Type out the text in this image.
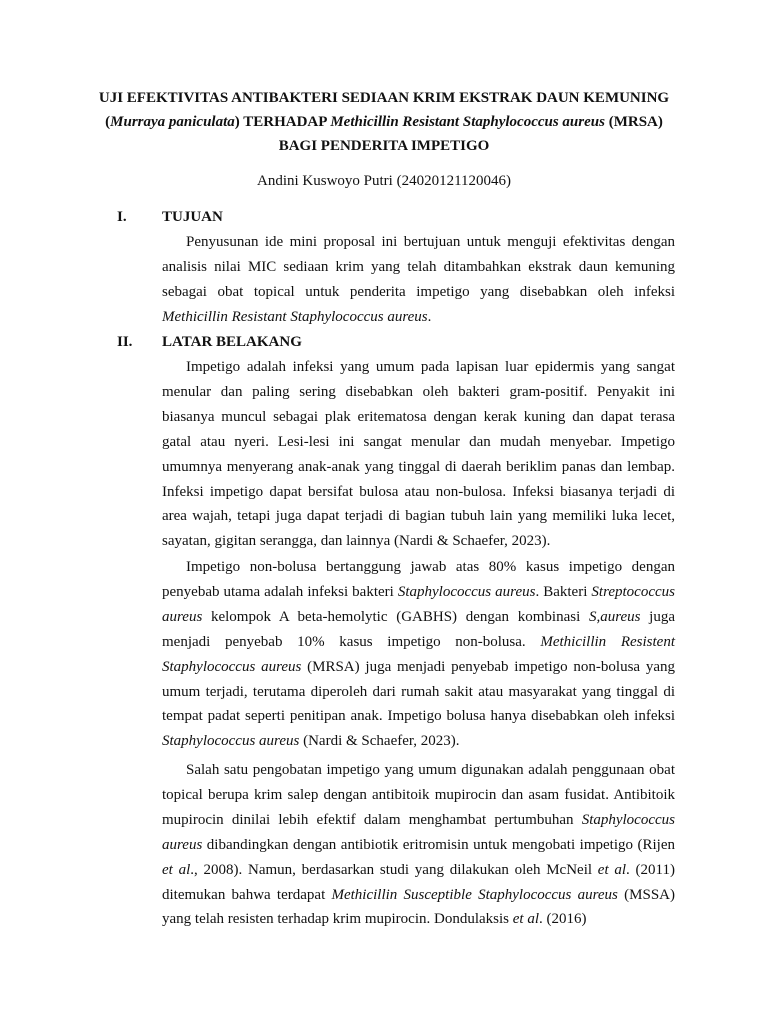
UJI EFEKTIVITAS ANTIBAKTERI SEDIAAN KRIM EKSTRAK DAUN KEMUNING (Murraya paniculata) TERHADAP Methicillin Resistant Staphylococcus aureus (MRSA) BAGI PENDERITA IMPETIGO
Andini Kuswoyo Putri (24020121120046)
I. TUJUAN
Penyusunan ide mini proposal ini bertujuan untuk menguji efektivitas dengan analisis nilai MIC sediaan krim yang telah ditambahkan ekstrak daun kemuning sebagai obat topical untuk penderita impetigo yang disebabkan oleh infeksi Methicillin Resistant Staphylococcus aureus.
II. LATAR BELAKANG
Impetigo adalah infeksi yang umum pada lapisan luar epidermis yang sangat menular dan paling sering disebabkan oleh bakteri gram-positif. Penyakit ini biasanya muncul sebagai plak eritematosa dengan kerak kuning dan dapat terasa gatal atau nyeri. Lesi-lesi ini sangat menular dan mudah menyebar. Impetigo umumnya menyerang anak-anak yang tinggal di daerah beriklim panas dan lembap. Infeksi impetigo dapat bersifat bulosa atau non-bulosa. Infeksi biasanya terjadi di area wajah, tetapi juga dapat terjadi di bagian tubuh lain yang memiliki luka lecet, sayatan, gigitan serangga, dan lainnya (Nardi & Schaefer, 2023).
Impetigo non-bolusa bertanggung jawab atas 80% kasus impetigo dengan penyebab utama adalah infeksi bakteri Staphylococcus aureus. Bakteri Streptococcus aureus kelompok A beta-hemolytic (GABHS) dengan kombinasi S,aureus juga menjadi penyebab 10% kasus impetigo non-bolusa. Methicillin Resistent Staphylococcus aureus (MRSA) juga menjadi penyebab impetigo non-bolusa yang umum terjadi, terutama diperoleh dari rumah sakit atau masyarakat yang tinggal di tempat padat seperti penitipan anak. Impetigo bolusa hanya disebabkan oleh infeksi Staphylococcus aureus (Nardi & Schaefer, 2023).
Salah satu pengobatan impetigo yang umum digunakan adalah penggunaan obat topical berupa krim salep dengan antibitoik mupirocin dan asam fusidat. Antibitoik mupirocin dinilai lebih efektif dalam menghambat pertumbuhan Staphylococcus aureus dibandingkan dengan antibiotik eritromisin untuk mengobati impetigo (Rijen et al., 2008). Namun, berdasarkan studi yang dilakukan oleh McNeil et al. (2011) ditemukan bahwa terdapat Methicillin Susceptible Staphylococcus aureus (MSSA) yang telah resisten terhadap krim mupirocin. Dondulaksis et al. (2016)
